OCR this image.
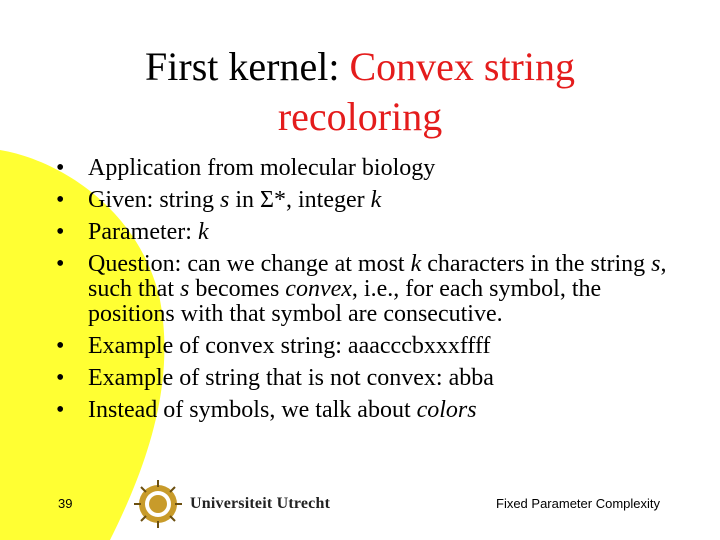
First kernel: Convex string
recoloring
• Application from molecular biology
• Given: string s in Σ*, integer k
• Parameter: k
• Question: can we change at most k characters in the string s, such that s becomes convex, i.e., for each symbol, the positions with that symbol are consecutive.
• Example of convex string: aaacccbxxxffff
• Example of string that is not convex: abba
• Instead of symbols, we talk about colors
39	Universiteit Utrecht	Fixed Parameter Complexity
